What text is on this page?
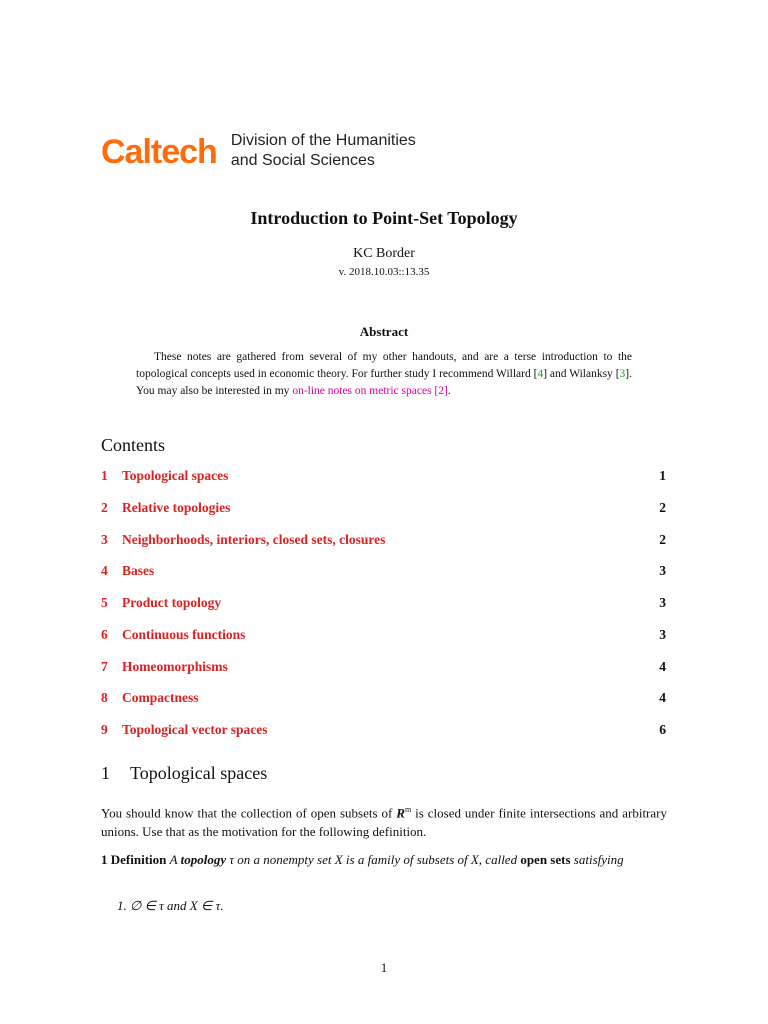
Caltech Division of the Humanities
and Social Sciences
Introduction to Point-Set Topology
KC Border
v. 2018.10.03::13.35
Abstract
These notes are gathered from several of my other handouts, and are a terse introduction to the topological concepts used in economic theory. For further study I recommend Willard [4] and Wilanksy [3]. You may also be interested in my on-line notes on metric spaces [2].
Contents
1 Topological spaces	1
2 Relative topologies	2
3 Neighborhoods, interiors, closed sets, closures	2
4 Bases	3
5 Product topology	3
6 Continuous functions	3
7 Homeomorphisms	4
8 Compactness	4
9 Topological vector spaces	6
1 Topological spaces
You should know that the collection of open subsets of $R^m$ is closed under finite intersections and arbitrary unions. Use that as the motivation for the following definition.
1 Definition A topology τ on a nonempty set X is a family of subsets of X, called open sets satisfying
1. ∅ ∈ τ and X ∈ τ.
1
